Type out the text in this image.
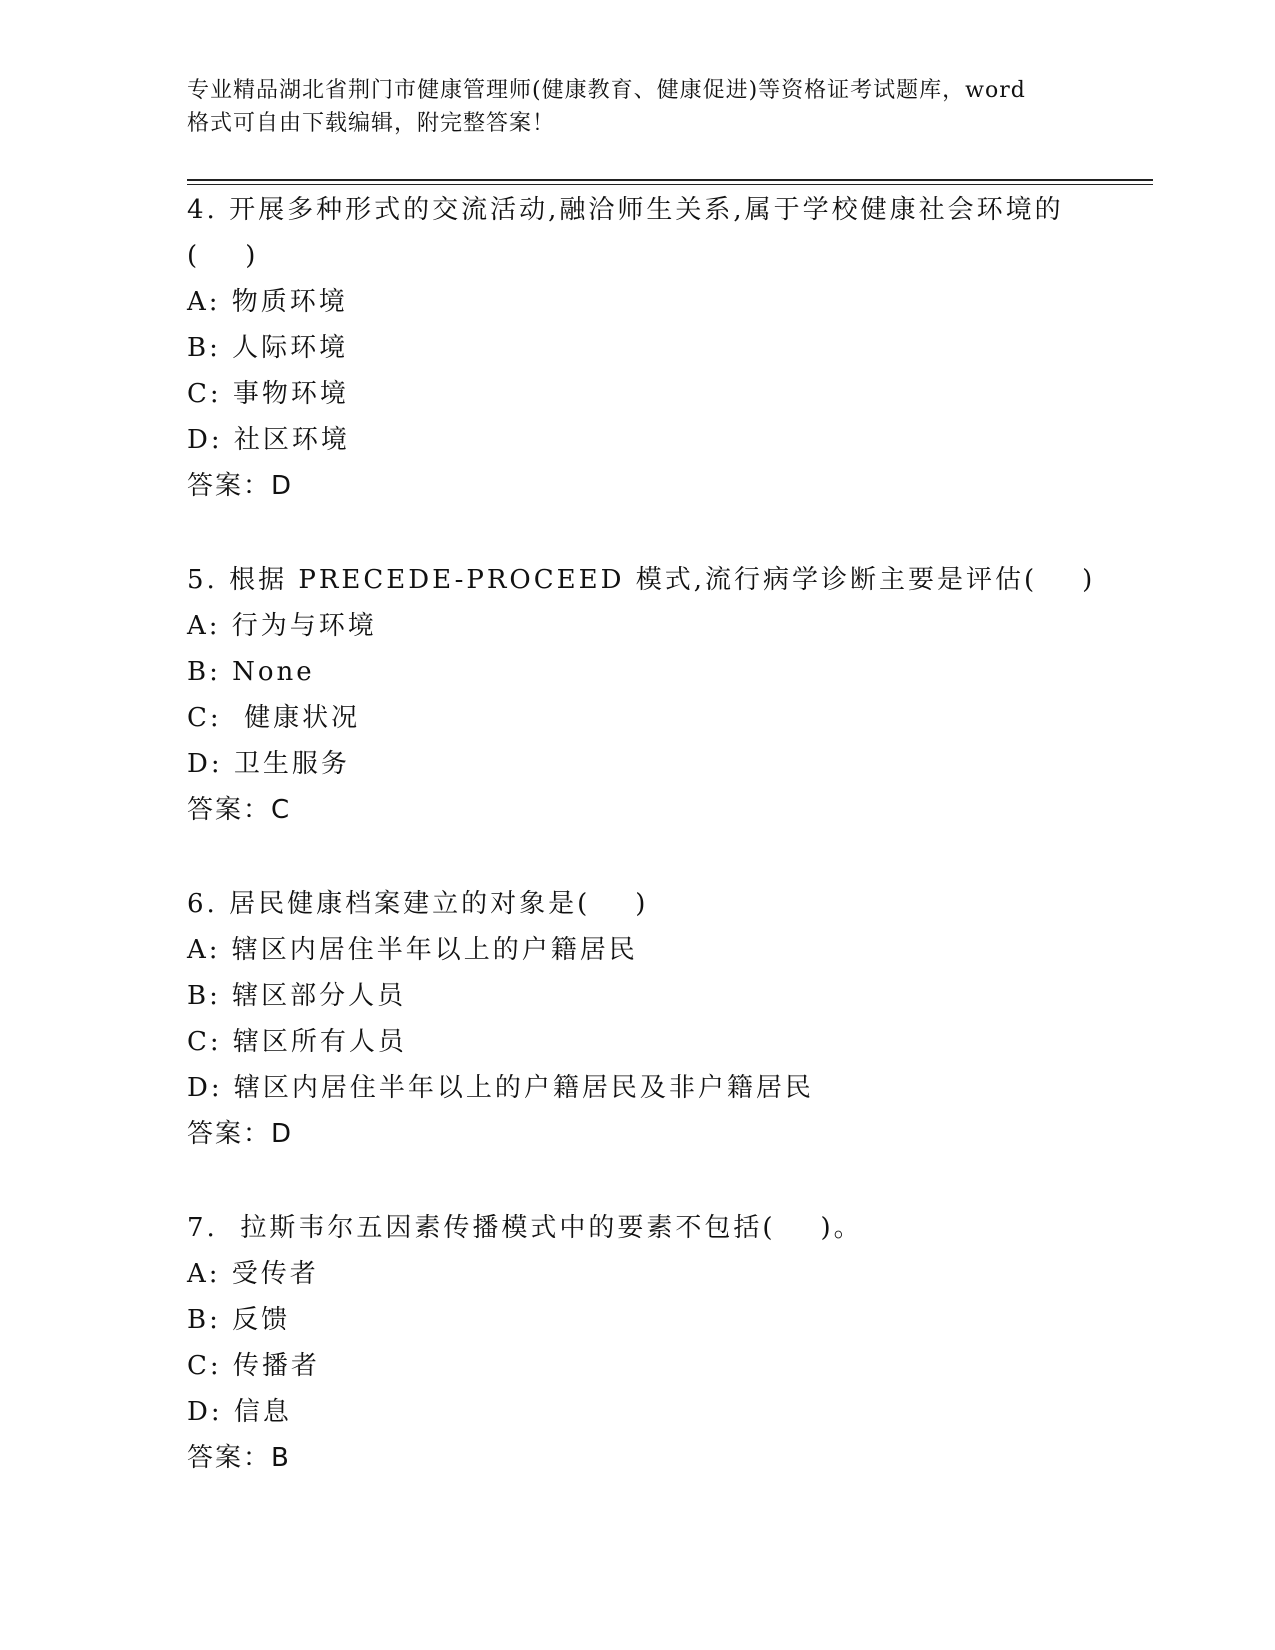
专业精品湖北省荆门市健康管理师(健康教育、健康促进)等资格证考试题库，word
格式可自由下载编辑，附完整答案！
4. 开展多种形式的交流活动,融洽师生关系,属于学校健康社会环境的
(    )
A: 物质环境
B: 人际环境
C: 事物环境
D: 社区环境
答案：D
5. 根据 PRECEDE-PROCEED 模式,流行病学诊断主要是评估(    )
A: 行为与环境
B: None
C:  健康状况
D: 卫生服务
答案：C
6. 居民健康档案建立的对象是(    )
A: 辖区内居住半年以上的户籍居民
B: 辖区部分人员
C: 辖区所有人员
D: 辖区内居住半年以上的户籍居民及非户籍居民
答案：D
7.  拉斯韦尔五因素传播模式中的要素不包括(    )。
A: 受传者
B: 反馈
C: 传播者
D: 信息
答案：B
